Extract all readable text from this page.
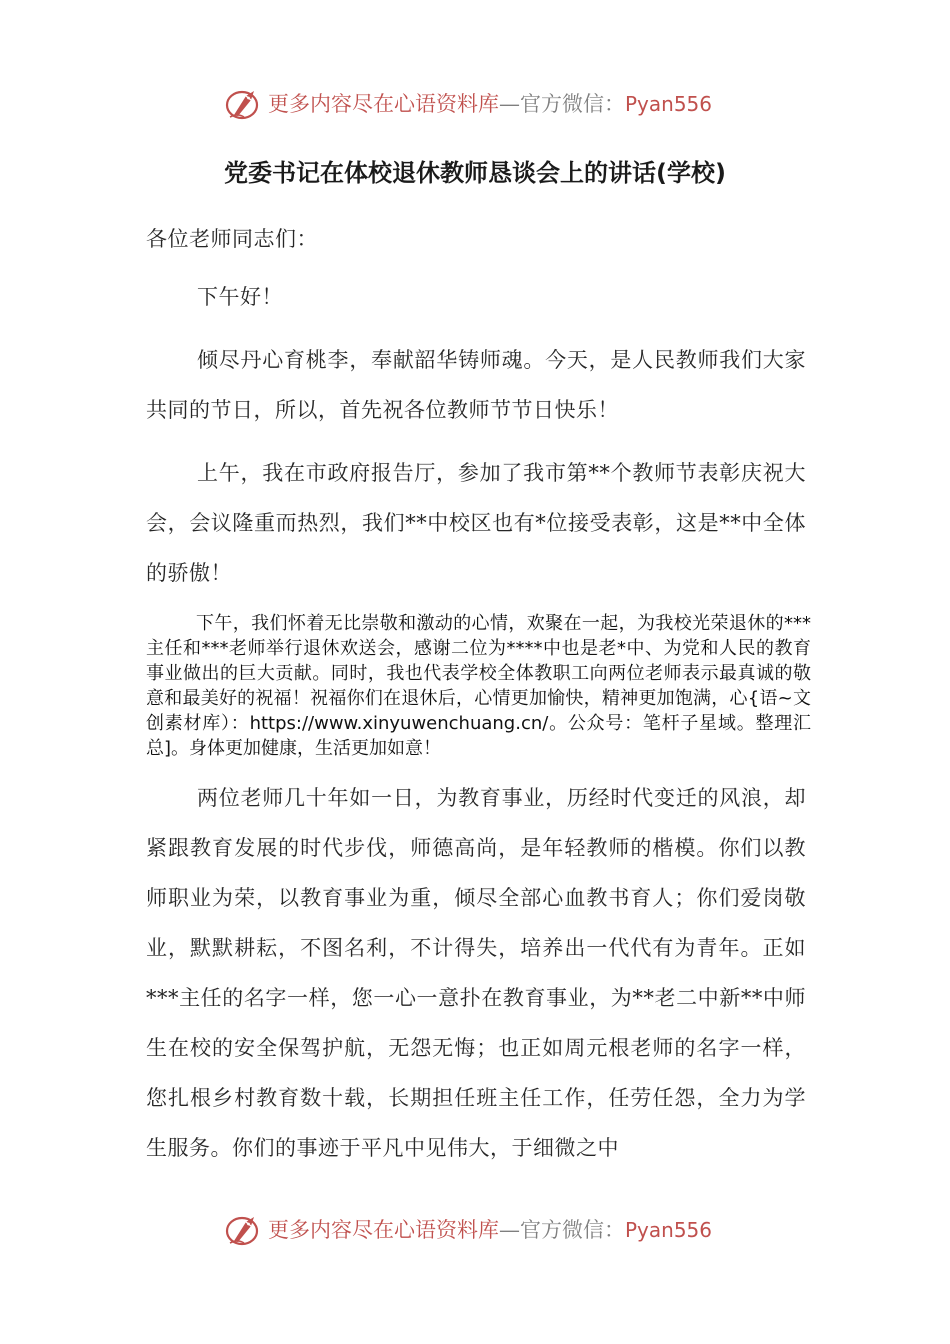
更多内容尽在心语资料库—官方微信：Pyan556
党委书记在体校退休教师恳谈会上的讲话(学校)
各位老师同志们：

下午好！

倾尽丹心育桃李，奉献韶华铸师魂。今天，是人民教师我们大家共同的节日，所以，首先祝各位教师节节日快乐！

上午，我在市政府报告厅，参加了我市第**个教师节表彰庆祝大会，会议隆重而热烈，我们**中校区也有*位接受表彰，这是**中全体的骄傲！

下午，我们怀着无比崇敬和激动的心情，欢聚在一起，为我校光荣退休的***主任和***老师举行退休欢送会，感谢二位为****中也是老*中、为党和人民的教育事业做出的巨大贡献。同时，我也代表学校全体教职工向两位老师表示最真诚的敬意和最美好的祝福！祝福你们在退休后，心情更加愉快，精神更加饱满，心{语~文创素材库）：https://www.xinyuwenchuang.cn/。公众号：笔杆子星域。整理汇总]。身体更加健康，生活更加如意！

两位老师几十年如一日，为教育事业，历经时代变迁的风浪，却紧跟教育发展的时代步伐，师德高尚，是年轻教师的楷模。你们以教师职业为荣，以教育事业为重，倾尽全部心血教书育人；你们爱岗敬业，默默耕耘，不图名利，不计得失，培养出一代代有为青年。正如***主任的名字一样，您一心一意扑在教育事业，为**老二中新**中师生在校的安全保驾护航，无怨无悔；也正如周元根老师的名字一样，您扎根乡村教育数十载，长期担任班主任工作，任劳任怨，全力为学生服务。你们的事迹于平凡中见伟大，于细微之中

更多内容尽在心语资料库—官方微信：Pyan556
